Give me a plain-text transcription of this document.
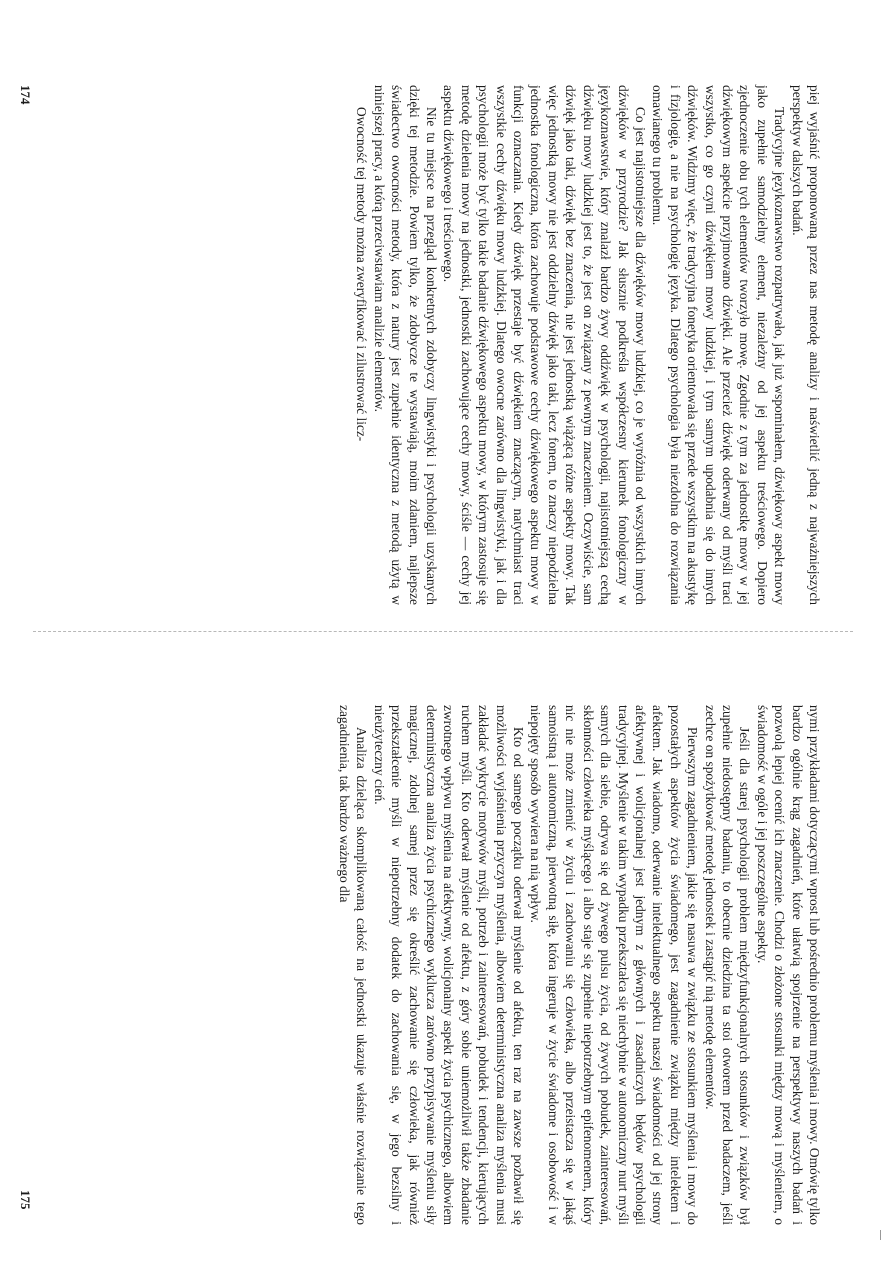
piej wyjaśnić proponowaną przez nas metodę analizy i naświetlić jedną z najważniejszych perspektyw dalszych badań.

Tradycyjne językoznawstwo rozpatrywało, jak już wspominałem, dźwiękowy aspekt mowy jako zupełnie samodzielny element, niezależny od jej aspektu treściowego. Dopiero zjednoczenie obu tych elementów tworzyło mowę. Zgodnie z tym za jednostkę mowy w jej dźwiękowym aspekcie przyjmowano dźwięki. Ale przecież dźwięk oderwany od myśli traci wszystko, co go czyni dźwiękiem mowy ludzkiej, i tym samym upodabnia się do innych dźwięków. Widzimy więc, że tradycyjna fonetyka orientowała się przede wszystkim na akustykę i fizjologię, a nie na psychologię języka. Dlatego psychologia była niezdolna do rozwiązania omawianego tu problemu.

Co jest najistotniejsze dla dźwięków mowy ludzkiej, co je wyróżnia od wszystkich innych dźwięków w przyrodzie? Jak słusznie podkreśla współczesny kierunek fonologiczny w językoznawstwie, który znalazł bardzo żywy oddźwięk w psychologii, najistotniejszą cechą dźwięku mowy ludzkiej jest to, że jest on związany z pewnym znaczeniem. Oczywiście, sam dźwięk jako taki, dźwięk bez znaczenia, nie jest jednostką wiążącą różne aspekty mowy. Tak więc jednostką mowy nie jest oddzielny dźwięk jako taki, lecz fonem, to znaczy niepodzielna jednostka fonologiczna, która zachowuje podstawowe cechy dźwiękowego aspektu mowy w funkcji oznaczania. Kiedy dźwięk przestaje być dźwiękiem znaczącym, natychmiast traci wszystkie cechy dźwięku mowy ludzkiej. Dlatego owocne zarówno dla lingwistyki, jak i dla psychologii może być tylko takie badanie dźwiękowego aspektu mowy, w którym zastosuje się metodę dzielenia mowy na jednostki, jednostki zachowujące cechy mowy, ściśle — cechy jej aspektu dźwiękowego i treściowego.

Nie tu miejsce na przegląd konkretnych zdobyczy lingwistyki i psychologii uzyskanych dzięki tej metodzie. Powiem tylko, że zdobycze te wystawiają, moim zdaniem, najlepsze świadectwo owocności metody, która z natury jest zupełnie identyczna z metodą użytą w niniejszej pracy, a którą przeciwstawiam analizie elementów.

Owocność tej metody można zweryfikować i zilustrować licz-

nymi przykładami dotyczącymi wprost lub pośrednio problemu myślenia i mowy. Omówię tylko bardzo ogólnie krąg zagadnień, które ułatwią spojrzenie na perspektywy naszych badań i pozwolą lepiej ocenić ich znaczenie. Chodzi o złożone stosunki między mową i myśleniem, o świadomość w ogóle i jej poszczególne aspekty.

Jeśli dla starej psychologii problem międzyfunkcjonalnych stosunków i związków był zupełnie niedostępny badaniu, to obecnie dziedzina ta stoi otworem przed badaczem, jeśli zechce on spożytkować metodę jednostek i zastąpić nią metodę elementów.

Pierwszym zagadnieniem, jakie się nasuwa w związku ze stosunkiem myślenia i mowy do pozostałych aspektów życia świadomego, jest zagadnienie związku między intelektem i afektem. Jak wiadomo, oderwanie intelektualnego aspektu naszej świadomości od jej strony afektywnej i wolicjonalnej jest jednym z głównych i zasadniczych błędów psychologii tradycyjnej. Myślenie w takim wypadku przekształca się niechybnie w autonomiczny nurt myśli samych dla siebie, odrywa się od żywego pulsu życia, od żywych pobudek, zainteresowań, skłonności człowieka myślącego i albo staje się zupełnie niepotrzebnym epifenomenem, który nic nie może zmienić w życiu i zachowaniu się człowieka, albo przeistacza się w jakąś samoistną i autonomiczną, pierwotną siłę, która ingeruje w życie świadome i osobowość i w niepojęty sposób wywiera na nią wpływ.

Kto od samego początku oderwał myślenie od afektu, ten raz na zawsze pozbawił się możliwości wyjaśnienia przyczyn myślenia, albowiem deterministyczna analiza myślenia musi zakładać wykrycie motywów myśli, potrzeb i zainteresowań, pobudek i tendencji, kierujących ruchem myśli. Kto oderwał myślenie od afektu, z góry sobie uniemożliwił także zbadanie zwrotnego wpływu myślenia na afektywny, wolicjonalny aspekt życia psychicznego, albowiem deterministyczna analiza życia psychicznego wyklucza zarówno przypisywanie myśleniu siły magicznej, zdolnej samej przez się określić zachowanie się człowieka, jak również przekształcenie myśli w niepotrzebny dodatek do zachowania się, w jego bezsilny i nieużyteczny cień.

Analiza dzieląca skomplikowaną całość na jednostki ukazuje właśnie rozwiązanie tego zagadnienia, tak bardzo ważnego dla

174
175
